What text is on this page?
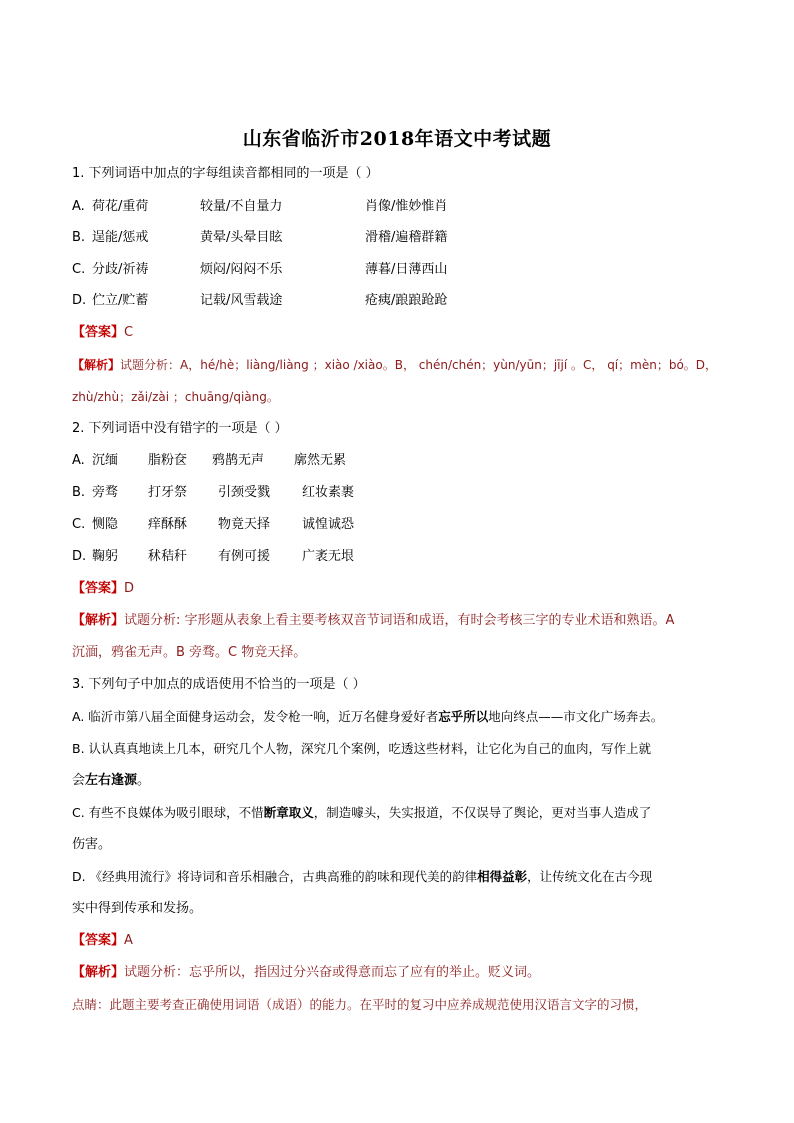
山东省临沂市2018年语文中考试题
1. 下列词语中加点的字每组读音都相同的一项是（ ）
A. 荷花/重荷	较量/不自量力	肖像/惟妙惟肖
B. 逞能/惩戒	黄晕/头晕目眩	滑稽/遍稽群籍
C. 分歧/祈祷	烦闷/闷闷不乐	薄暮/日薄西山
D. 伫立/贮蓄	记载/风雪载途	疮痍/踉踉跄跄
【答案】C
【解析】试题分析：A，hé/hè；liàng/liàng ；xiào /xiào。B， chén/chén；yùn/yūn；jījí 。C， qí；mèn；bó。D，
zhù/zhù；zǎi/zài ；chuāng/qiàng。
2. 下列词语中没有错字的一项是（ ）
A. 沉缅 脂粉奁 鸦鹊无声 廓然无累
B. 旁骛 打牙祭 引颈受戮 红妆素裹
C. 恻隐 痒酥酥 物竟天择 诚惶诚恐
D. 鞠躬 秫秸秆 有例可援 广袤无垠
【答案】D
【解析】试题分析: 字形题从表象上看主要考核双音节词语和成语，有时会考核三字的专业术语和熟语。A
沉湎，鸦雀无声。B 旁骛。C 物竞天择。
3. 下列句子中加点的成语使用不恰当的一项是（ ）
A. 临沂市第八届全面健身运动会，发令枪一响，近万名健身爱好者忘乎所以地向终点——市文化广场奔去。
B. 认认真真地读上几本，研究几个人物，深究几个案例，吃透这些材料，让它化为自己的血肉，写作上就
会左右逢源。
C. 有些不良媒体为吸引眼球，不惜断章取义，制造噱头，失实报道，不仅误导了舆论，更对当事人造成了
伤害。
D. 《经典用流行》将诗词和音乐相融合，古典高雅的韵味和现代美的韵律相得益彰，让传统文化在古今现
实中得到传承和发扬。
【答案】A
【解析】试题分析：忘乎所以，指因过分兴奋或得意而忘了应有的举止。贬义词。
点睛：此题主要考查正确使用词语（成语）的能力。在平时的复习中应养成规范使用汉语言文字的习惯，
